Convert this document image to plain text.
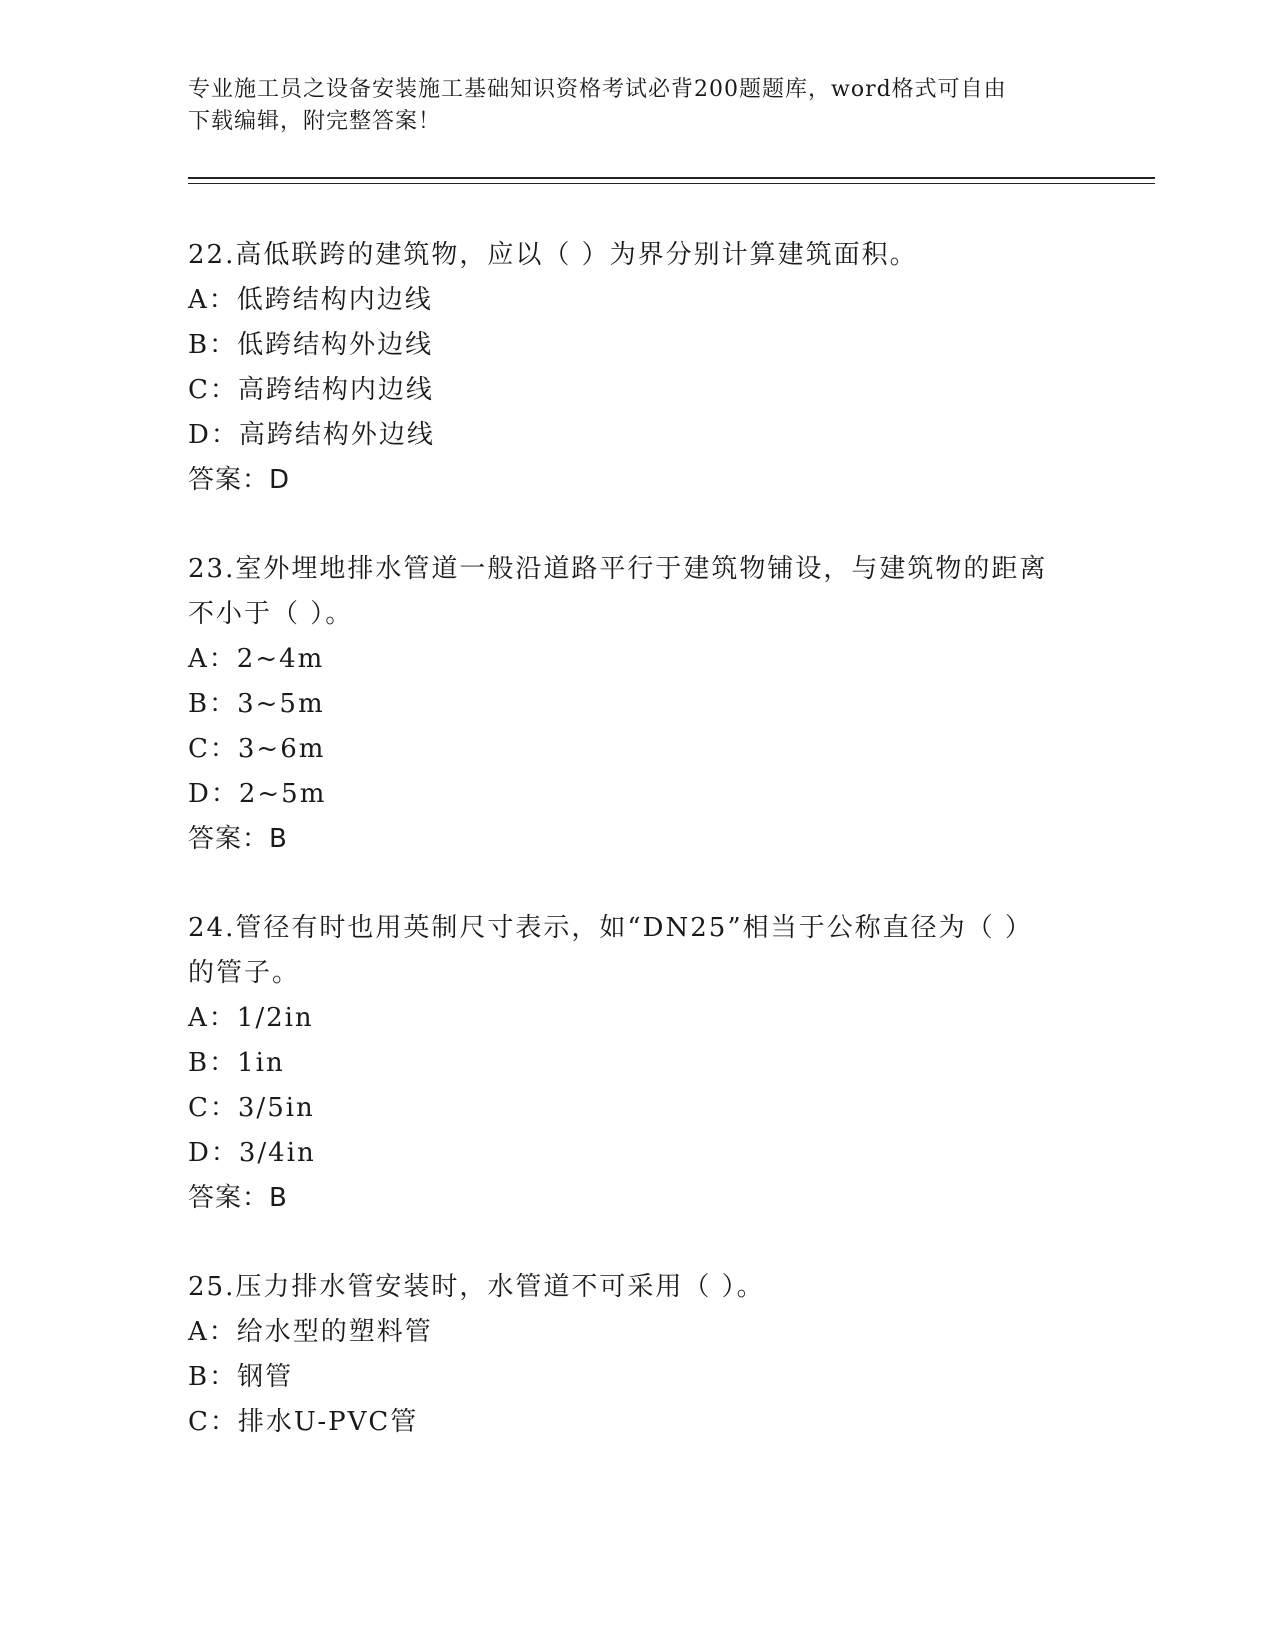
专业施工员之设备安装施工基础知识资格考试必背200题题库，word格式可自由
下载编辑，附完整答案！
22.高低联跨的建筑物，应以（ ）为界分别计算建筑面积。
A：低跨结构内边线
B：低跨结构外边线
C：高跨结构内边线
D：高跨结构外边线
答案：D
23.室外埋地排水管道一般沿道路平行于建筑物铺设，与建筑物的距离
不小于（ ）。
A：2~4m
B：3~5m
C：3~6m
D：2~5m
答案：B
24.管径有时也用英制尺寸表示，如“DN25”相当于公称直径为（ ）
的管子。
A：1/2in
B：1in
C：3/5in
D：3/4in
答案：B
25.压力排水管安装时，水管道不可采用（ ）。
A：给水型的塑料管
B：钢管
C：排水U-PVC管
